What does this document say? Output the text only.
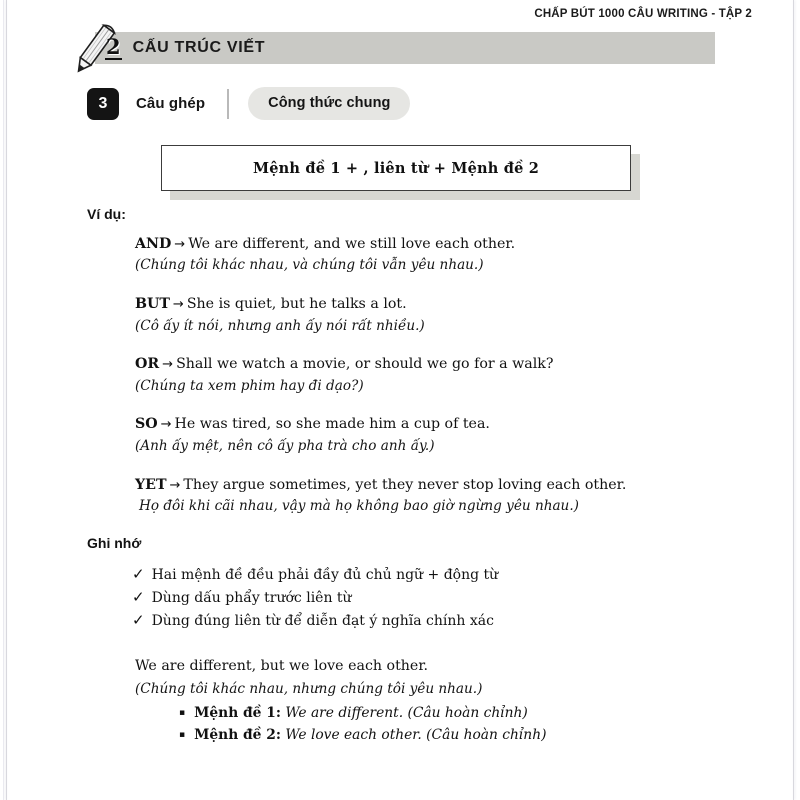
CHẤP BÚT 1000 CÂU WRITING - TẬP 2
2 CẤU TRÚC VIẾT
3	Câu ghép	Công thức chung
Mệnh đề 1 + , liên từ + Mệnh đề 2
Ví dụ:
AND → We are different, and we still love each other.
(Chúng tôi khác nhau, và chúng tôi vẫn yêu nhau.)
BUT → She is quiet, but he talks a lot.
(Cô ấy ít nói, nhưng anh ấy nói rất nhiều.)
OR → Shall we watch a movie, or should we go for a walk?
(Chúng ta xem phim hay đi dạo?)
SO → He was tired, so she made him a cup of tea.
(Anh ấy mệt, nên cô ấy pha trà cho anh ấy.)
YET → They argue sometimes, yet they never stop loving each other.
Họ đôi khi cãi nhau, vậy mà họ không bao giờ ngừng yêu nhau.)
Ghi nhớ
✓ Hai mệnh đề đều phải đầy đủ chủ ngữ + động từ
✓ Dùng dấu phẩy trước liên từ
✓ Dùng đúng liên từ để diễn đạt ý nghĩa chính xác
We are different, but we love each other.
(Chúng tôi khác nhau, nhưng chúng tôi yêu nhau.)
▪ Mệnh đề 1: We are different. (Câu hoàn chỉnh)
▪ Mệnh đề 2: We love each other. (Câu hoàn chỉnh)
